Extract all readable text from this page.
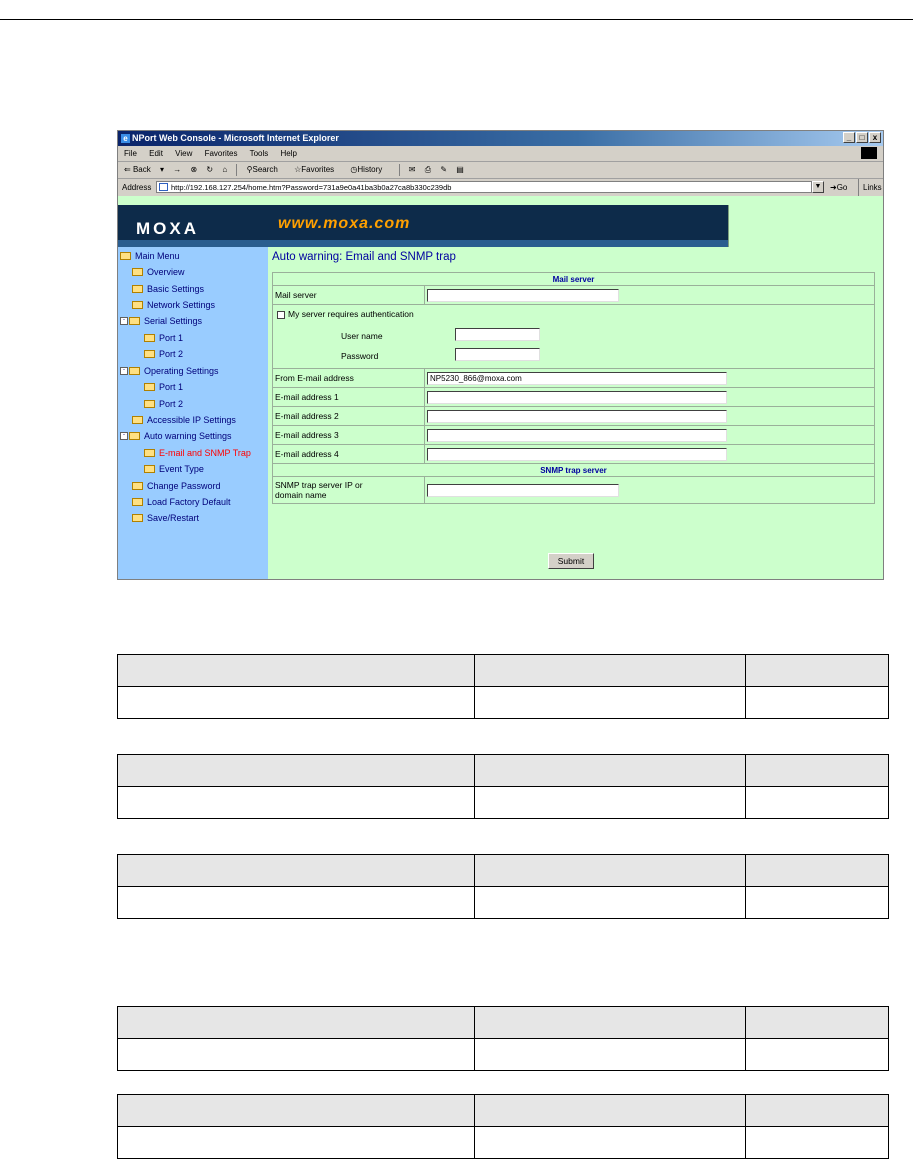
e NPort Web Console - Microsoft Internet Explorer	_	□	x
File Edit View Favorites Tools Help
⇐ Back ▾ → ⊗ ↻ ⌂ ⚲Search ☆Favorites ◷History	✉ ⎙ ✎ ▤
Address	http://192.168.127.254/home.htm?Password=731a9e0a41ba3b0a27ca8b330c239db	▼	➜Go	Links
MOXA	www.moxa.com
Main Menu
Overview
Basic Settings
Network Settings
- Serial Settings
Port 1
Port 2
- Operating Settings
Port 1
Port 2
Accessible IP Settings
- Auto warning Settings
E-mail and SNMP Trap
Event Type
Change Password
Load Factory Default
Save/Restart
Auto warning: Email and SNMP trap
Mail server	
Mail server	

My server requires authentication
User name
Password	

From E-mail address	NP5230_866@moxa.com
E-mail address 1	
E-mail address 2	
E-mail address 3	
E-mail address 4	
SNMP trap server	
SNMP trap server IP or
domain name	
Submit
